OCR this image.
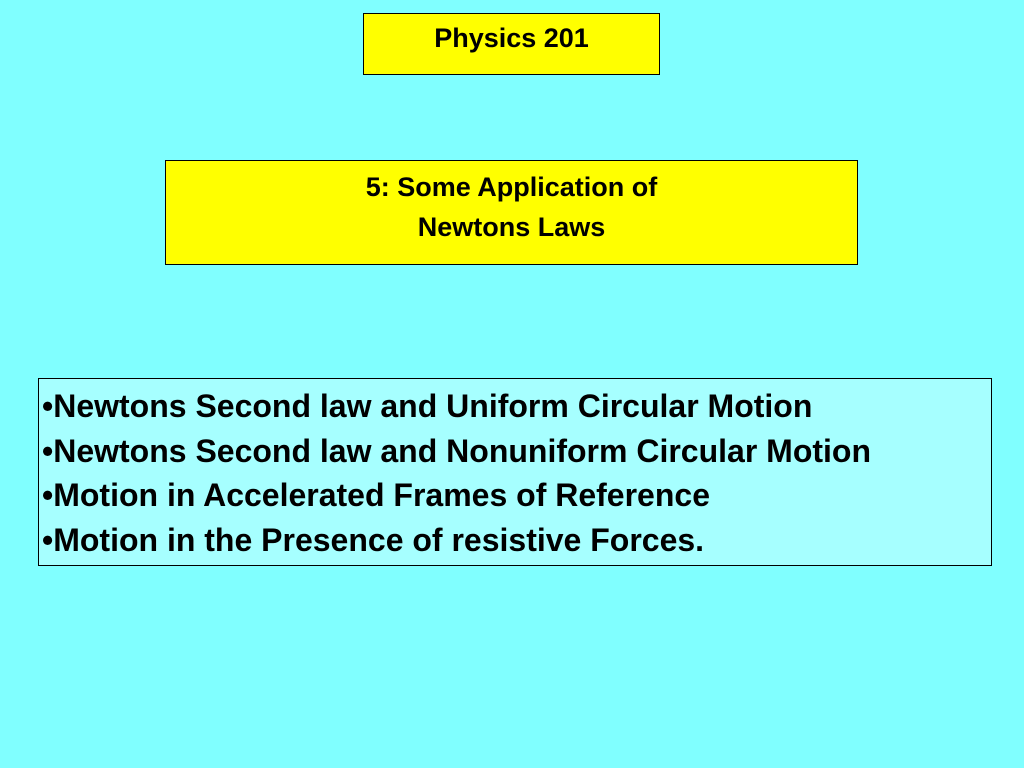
Physics 201
5: Some Application of Newtons Laws
•Newtons Second law and Uniform Circular Motion
•Newtons Second law and Nonuniform Circular Motion
•Motion in Accelerated Frames of Reference
•Motion in the Presence of resistive Forces.
